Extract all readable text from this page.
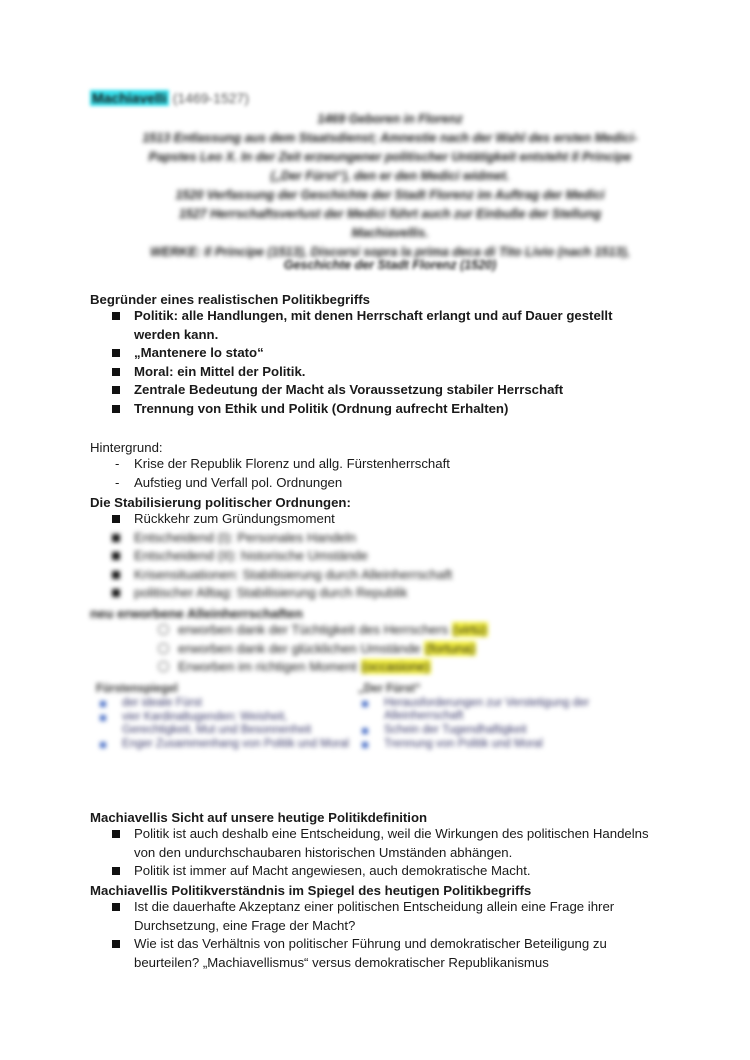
Machiavelli (1469-1527)
1469 Geboren in Florenz
1513 Entlassung aus dem Staatsdienst; Amnestie nach der Wahl des ersten Medici-
Papstes Leo X. In der Zeit erzwungener politischer Untätigkeit entsteht Il Principe
(„Der Fürst“), den er den Medici widmet.
1520 Verfassung der Geschichte der Stadt Florenz im Auftrag der Medici
1527 Herrschaftsverlust der Medici führt auch zur Einbuße der Stellung
Machiavellis.
WERKE: Il Principe (1513), Discorsi sopra la prima deca di Tito Livio (nach 1513),
Geschichte der Stadt Florenz (1520)
Begründer eines realistischen Politikbegriffs
Politik: alle Handlungen, mit denen Herrschaft erlangt und auf Dauer gestellt werden kann.
„Mantenere lo stato“
Moral: ein Mittel der Politik.
Zentrale Bedeutung der Macht als Voraussetzung stabiler Herrschaft
Trennung von Ethik und Politik (Ordnung aufrecht Erhalten)
Hintergrund:
- Krise der Republik Florenz und allg. Fürstenherrschaft
- Aufstieg und Verfall pol. Ordnungen
Die Stabilisierung politischer Ordnungen:
Rückkehr zum Gründungsmoment
Entscheidend (I): Personales Handeln
Entscheidend (II): historische Umstände
Krisensituationen: Stabilisierung durch Alleinherrschaft
politischer Alltag: Stabilisierung durch Republik
neu erworbene Alleinherrschaften
erworben dank der Tüchtigkeit des Herrschers (virtù)
erworben dank der glücklichen Umstände (fortuna)
Erworben im richtigen Moment (occasione)
Fürstenspiegel
der ideale Fürst
vier Kardinaltugenden: Weisheit, Gerechtigkeit, Mut und Besonnenheit
Enger Zusammenhang von Politik und Moral
„Der Fürst“
Herausforderungen zur Verstetigung der Alleinherrschaft
Schein der Tugendhaftigkeit
Trennung von Politik und Moral
Machiavellis Sicht auf unsere heutige Politikdefinition
Politik ist auch deshalb eine Entscheidung, weil die Wirkungen des politischen Handelns von den undurchschaubaren historischen Umständen abhängen.
Politik ist immer auf Macht angewiesen, auch demokratische Macht.
Machiavellis Politikverständnis im Spiegel des heutigen Politikbegriffs
Ist die dauerhafte Akzeptanz einer politischen Entscheidung allein eine Frage ihrer Durchsetzung, eine Frage der Macht?
Wie ist das Verhältnis von politischer Führung und demokratischer Beteiligung zu beurteilen? „Machiavellismus“ versus demokratischer Republikanismus
